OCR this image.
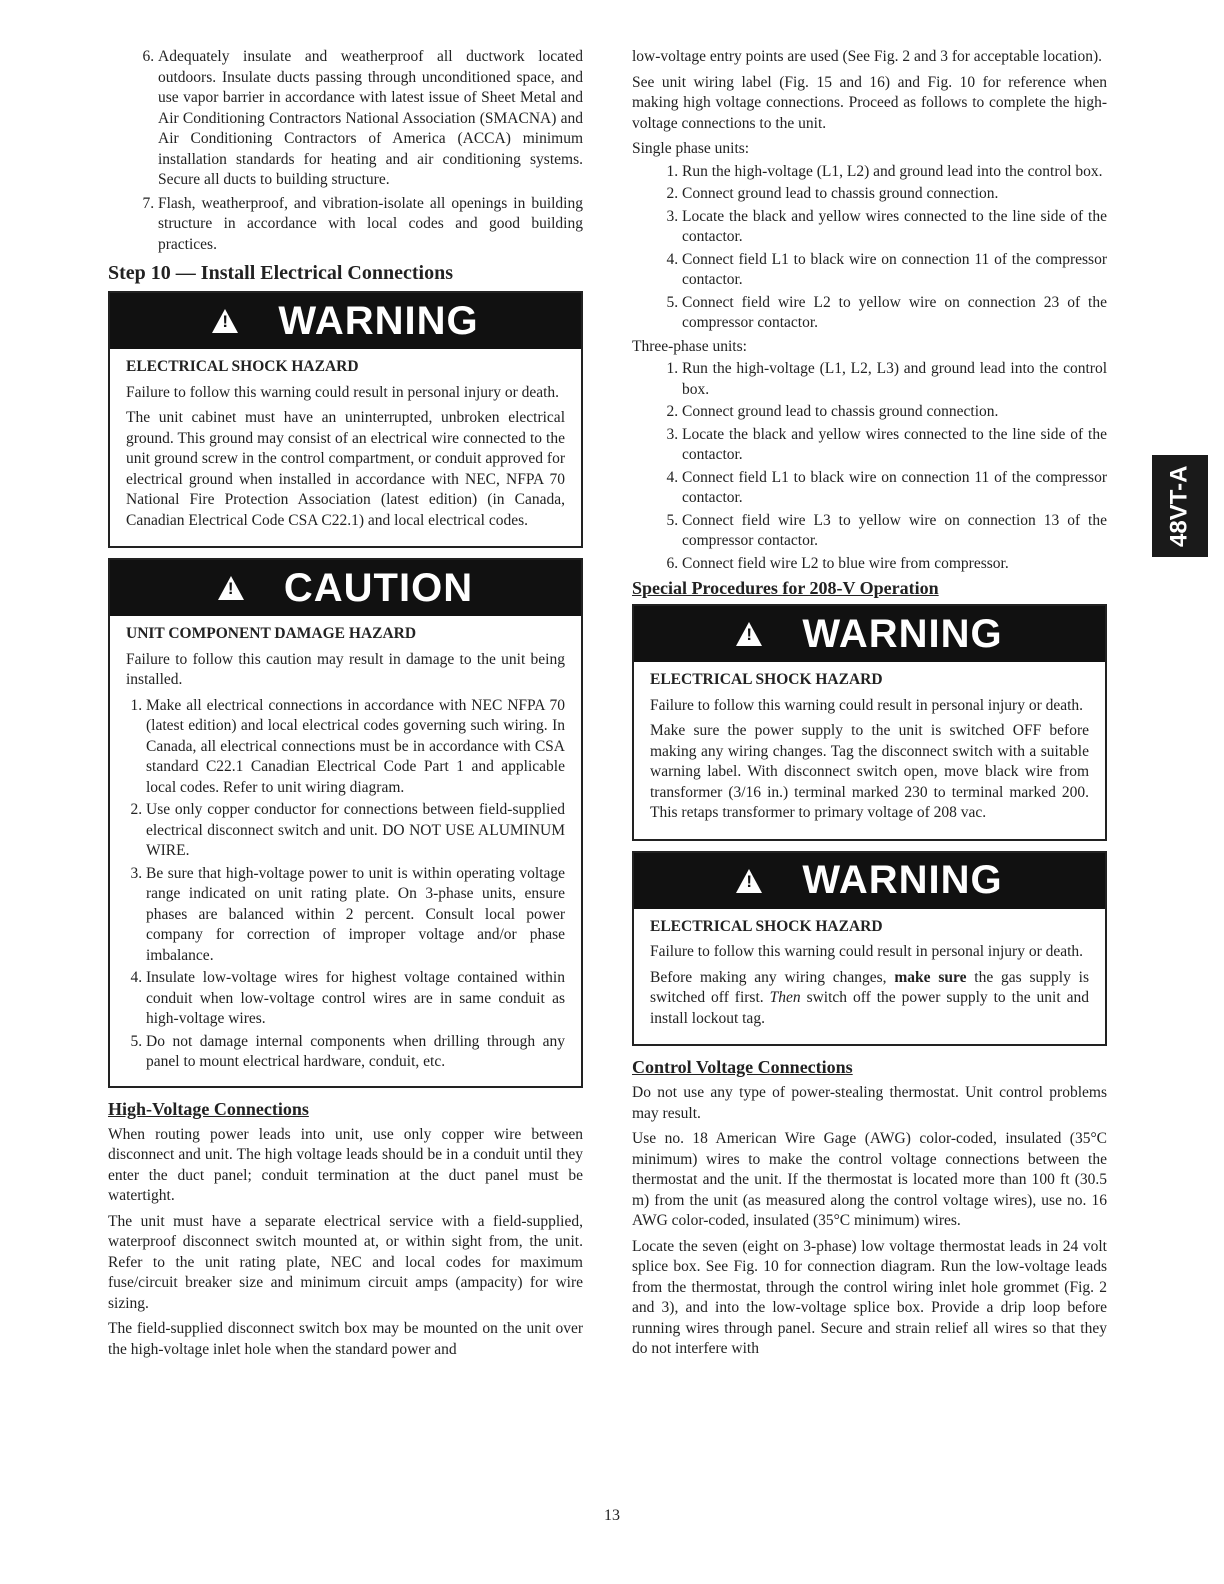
6. Adequately insulate and weatherproof all ductwork located outdoors. Insulate ducts passing through unconditioned space, and use vapor barrier in accordance with latest issue of Sheet Metal and Air Conditioning Contractors National Association (SMACNA) and Air Conditioning Contractors of America (ACCA) minimum installation standards for heating and air conditioning systems. Secure all ducts to building structure.
7. Flash, weatherproof, and vibration-isolate all openings in building structure in accordance with local codes and good building practices.
Step 10 — Install Electrical Connections
!
WARNING

ELECTRICAL SHOCK HAZARD

Failure to follow this warning could result in personal injury or death.

The unit cabinet must have an uninterrupted, unbroken electrical ground. This ground may consist of an electrical wire connected to the unit ground screw in the control compartment, or conduit approved for electrical ground when installed in accordance with NEC, NFPA 70 National Fire Protection Association (latest edition) (in Canada, Canadian Electrical Code CSA C22.1) and local electrical codes.

!
CAUTION

UNIT COMPONENT DAMAGE HAZARD

Failure to follow this caution may result in damage to the unit being installed.

1. Make all electrical connections in accordance with NEC NFPA 70 (latest edition) and local electrical codes governing such wiring. In Canada, all electrical connections must be in accordance with CSA standard C22.1 Canadian Electrical Code Part 1 and applicable local codes. Refer to unit wiring diagram.
2. Use only copper conductor for connections between field-supplied electrical disconnect switch and unit. DO NOT USE ALUMINUM WIRE.
3. Be sure that high-voltage power to unit is within operating voltage range indicated on unit rating plate. On 3-phase units, ensure phases are balanced within 2 percent. Consult local power company for correction of improper voltage and/or phase imbalance.
4. Insulate low-voltage wires for highest voltage contained within conduit when low-voltage control wires are in same conduit as high-voltage wires.
5. Do not damage internal components when drilling through any panel to mount electrical hardware, conduit, etc.
High-Voltage Connections

When routing power leads into unit, use only copper wire between disconnect and unit. The high voltage leads should be in a conduit until they enter the duct panel; conduit termination at the duct panel must be watertight.

The unit must have a separate electrical service with a field-supplied, waterproof disconnect switch mounted at, or within sight from, the unit. Refer to the unit rating plate, NEC and local codes for maximum fuse/circuit breaker size and minimum circuit amps (ampacity) for wire sizing.

The field-supplied disconnect switch box may be mounted on the unit over the high-voltage inlet hole when the standard power and

low-voltage entry points are used (See Fig. 2 and 3 for acceptable location).

See unit wiring label (Fig. 15 and 16) and Fig. 10 for reference when making high voltage connections. Proceed as follows to complete the high-voltage connections to the unit.

Single phase units:

1. Run the high-voltage (L1, L2) and ground lead into the control box.
2. Connect ground lead to chassis ground connection.
3. Locate the black and yellow wires connected to the line side of the contactor.
4. Connect field L1 to black wire on connection 11 of the compressor contactor.
5. Connect field wire L2 to yellow wire on connection 23 of the compressor contactor.

Three-phase units:

1. Run the high-voltage (L1, L2, L3) and ground lead into the control box.
2. Connect ground lead to chassis ground connection.
3. Locate the black and yellow wires connected to the line side of the contactor.
4. Connect field L1 to black wire on connection 11 of the compressor contactor.
5. Connect field wire L3 to yellow wire on connection 13 of the compressor contactor.
6. Connect field wire L2 to blue wire from compressor.
Special Procedures for 208-V Operation
!
WARNING

ELECTRICAL SHOCK HAZARD

Failure to follow this warning could result in personal injury or death.

Make sure the power supply to the unit is switched OFF before making any wiring changes. Tag the disconnect switch with a suitable warning label. With disconnect switch open, move black wire from transformer (3/16 in.) terminal marked 230 to terminal marked 200. This retaps transformer to primary voltage of 208 vac.

!
WARNING

ELECTRICAL SHOCK HAZARD

Failure to follow this warning could result in personal injury or death.

Before making any wiring changes, make sure the gas supply is switched off first. Then switch off the power supply to the unit and install lockout tag.

Control Voltage Connections

Do not use any type of power-stealing thermostat. Unit control problems may result.

Use no. 18 American Wire Gage (AWG) color-coded, insulated (35°C minimum) wires to make the control voltage connections between the thermostat and the unit. If the thermostat is located more than 100 ft (30.5 m) from the unit (as measured along the control voltage wires), use no. 16 AWG color-coded, insulated (35°C minimum) wires.

Locate the seven (eight on 3-phase) low voltage thermostat leads in 24 volt splice box. See Fig. 10 for connection diagram. Run the low-voltage leads from the thermostat, through the control wiring inlet hole grommet (Fig. 2 and 3), and into the low-voltage splice box. Provide a drip loop before running wires through panel. Secure and strain relief all wires so that they do not interfere with

48VT-A
13
